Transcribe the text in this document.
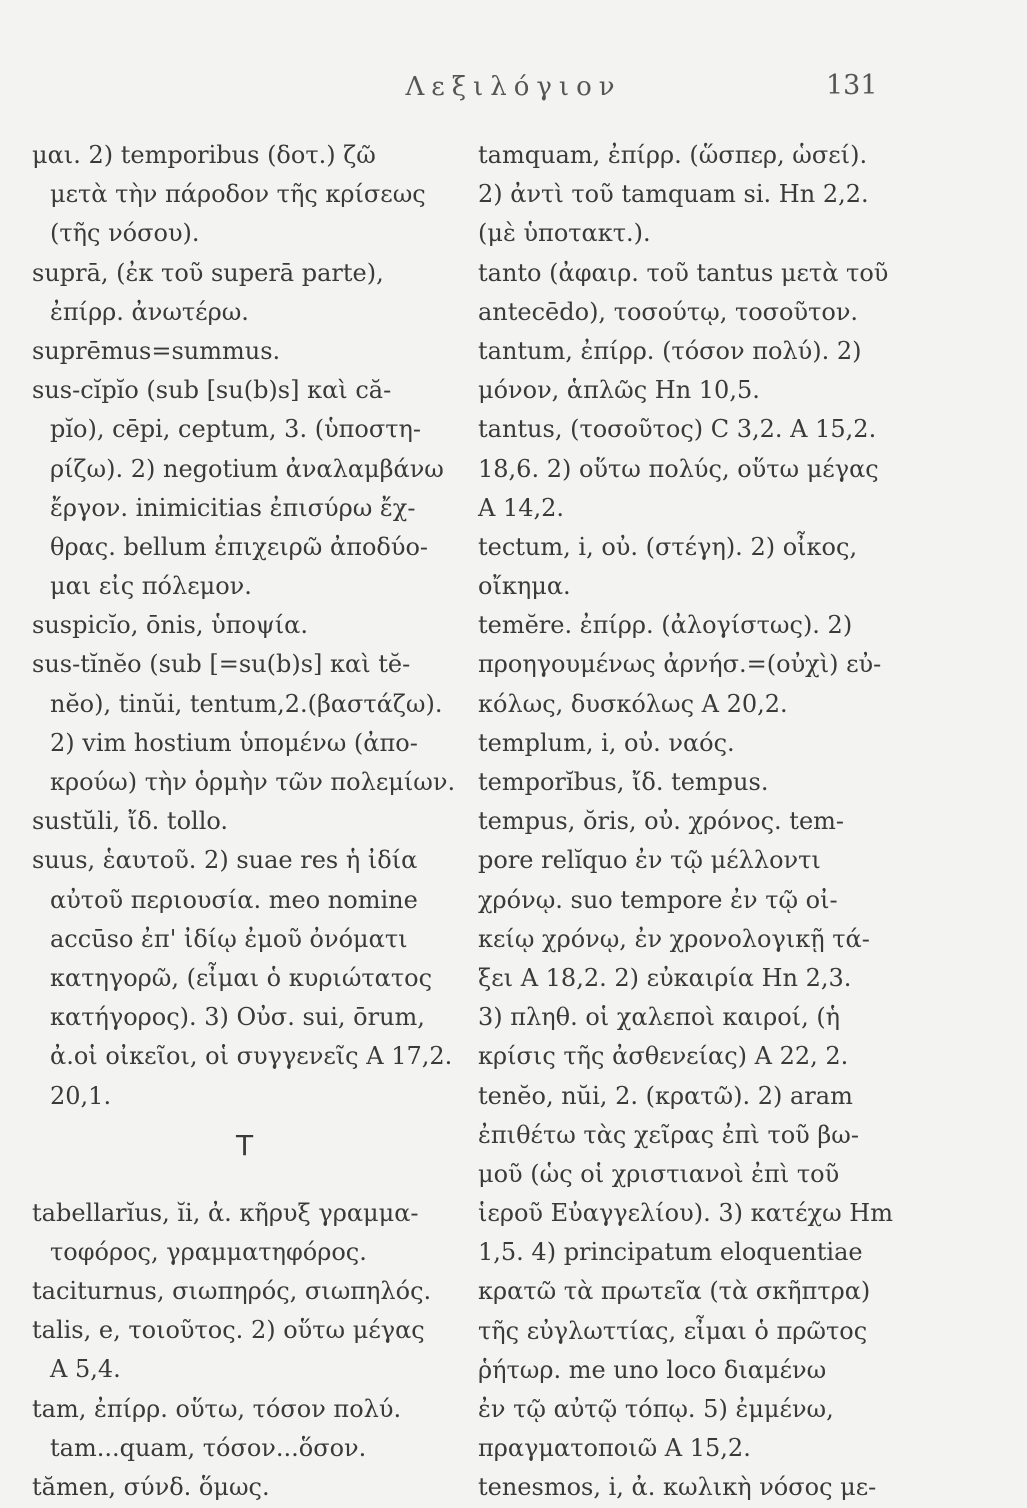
Λεξιλόγιον	131
μαι. 2) temporibus (δοτ.) ζῶ
μετὰ τὴν πάροδον τῆς κρίσεως
(τῆς νόσου).
suprā, (ἐκ τοῦ superā parte),
ἐπίρρ. ἀνωτέρω.
suprēmus=summus.
sus-cĭpĭo (sub [su(b)s] καὶ că-
pĭo), cēpi, ceptum, 3. (ὑποστη-
ρίζω). 2) negotium ἀναλαμβάνω
ἔργον. inimicitias ἐπισύρω ἔχ-
θρας. bellum ἐπιχειρῶ ἀποδύο-
μαι εἰς πόλεμον.
suspicĭo, ōnis, ὑποψία.
sus-tĭnĕo (sub [=su(b)s] καὶ tĕ-
nĕo), tinŭi, tentum,2.(βαστάζω).
2) vim hostium ὑπομένω (ἀπο-
κρούω) τὴν ὁρμὴν τῶν πολεμίων.
sustŭli, ἴδ. tollo.
suus, ἑαυτοῦ. 2) suae res ἡ ἰδία
αὐτοῦ περιουσία. meo nomine
accūso ἐπ' ἰδίῳ ἐμοῦ ὀνόματι
κατηγορῶ, (εἶμαι ὁ κυριώτατος
κατήγορος). 3) Οὐσ. sui, ōrum,
ἀ.οἱ οἰκεῖοι, οἱ συγγενεῖς A 17,2.
20,1.
T
tabellarĭus, ĭi, ἀ. κῆρυξ γραμμα-
τοφόρος, γραμματηφόρος.
taciturnus, σιωπηρός, σιωπηλός.
talis, e, τοιοῦτος. 2) οὕτω μέγας
A 5,4.
tam, ἐπίρρ. οὕτω, τόσον πολύ.
tam...quam, τόσον...ὅσον.
tămen, σύνδ. ὅμως.
tamquam, ἐπίρρ. (ὥσπερ, ὡσεί).
2) ἀντὶ τοῦ tamquam si. Hn 2,2.
(μὲ ὑποτακτ.).
tanto (ἀφαιρ. τοῦ tantus μετὰ τοῦ
antecēdo), τοσούτῳ, τοσοῦτον.
tantum, ἐπίρρ. (τόσον πολύ). 2)
μόνον, ἁπλῶς Hn 10,5.
tantus, (τοσοῦτος) C 3,2. A 15,2.
18,6. 2) οὕτω πολύς, οὕτω μέγας
A 14,2.
tectum, i, οὐ. (στέγη). 2) οἶκος,
οἴκημα.
temĕre. ἐπίρρ. (ἀλογίστως). 2)
προηγουμένως ἀρνήσ.=(οὐχὶ) εὐ-
κόλως, δυσκόλως A 20,2.
templum, i, οὐ. ναός.
temporĭbus, ἴδ. tempus.
tempus, ŏris, οὐ. χρόνος. tem-
pore relĭquo ἐν τῷ μέλλοντι
χρόνῳ. suo tempore ἐν τῷ οἰ-
κείῳ χρόνῳ, ἐν χρονολογικῇ τά-
ξει A 18,2. 2) εὐκαιρία Hn 2,3.
3) πληθ. οἱ χαλεποὶ καιροί, (ἡ
κρίσις τῆς ἀσθενείας) A 22, 2.
tenĕo, nŭi, 2. (κρατῶ). 2) aram
ἐπιθέτω τὰς χεῖρας ἐπὶ τοῦ βω-
μοῦ (ὡς οἱ χριστιανοὶ ἐπὶ τοῦ
ἱεροῦ Εὐαγγελίου). 3) κατέχω Hm
1,5. 4) principatum eloquentiae
κρατῶ τὰ πρωτεῖα (τὰ σκῆπτρα)
τῆς εὐγλωττίας, εἶμαι ὁ πρῶτος
ῥήτωρ. me uno loco διαμένω
ἐν τῷ αὐτῷ τόπῳ. 5) ἐμμένω,
πραγματοποιῶ A 15,2.
tenesmos, i, ἀ. κωλικὴ νόσος με-
